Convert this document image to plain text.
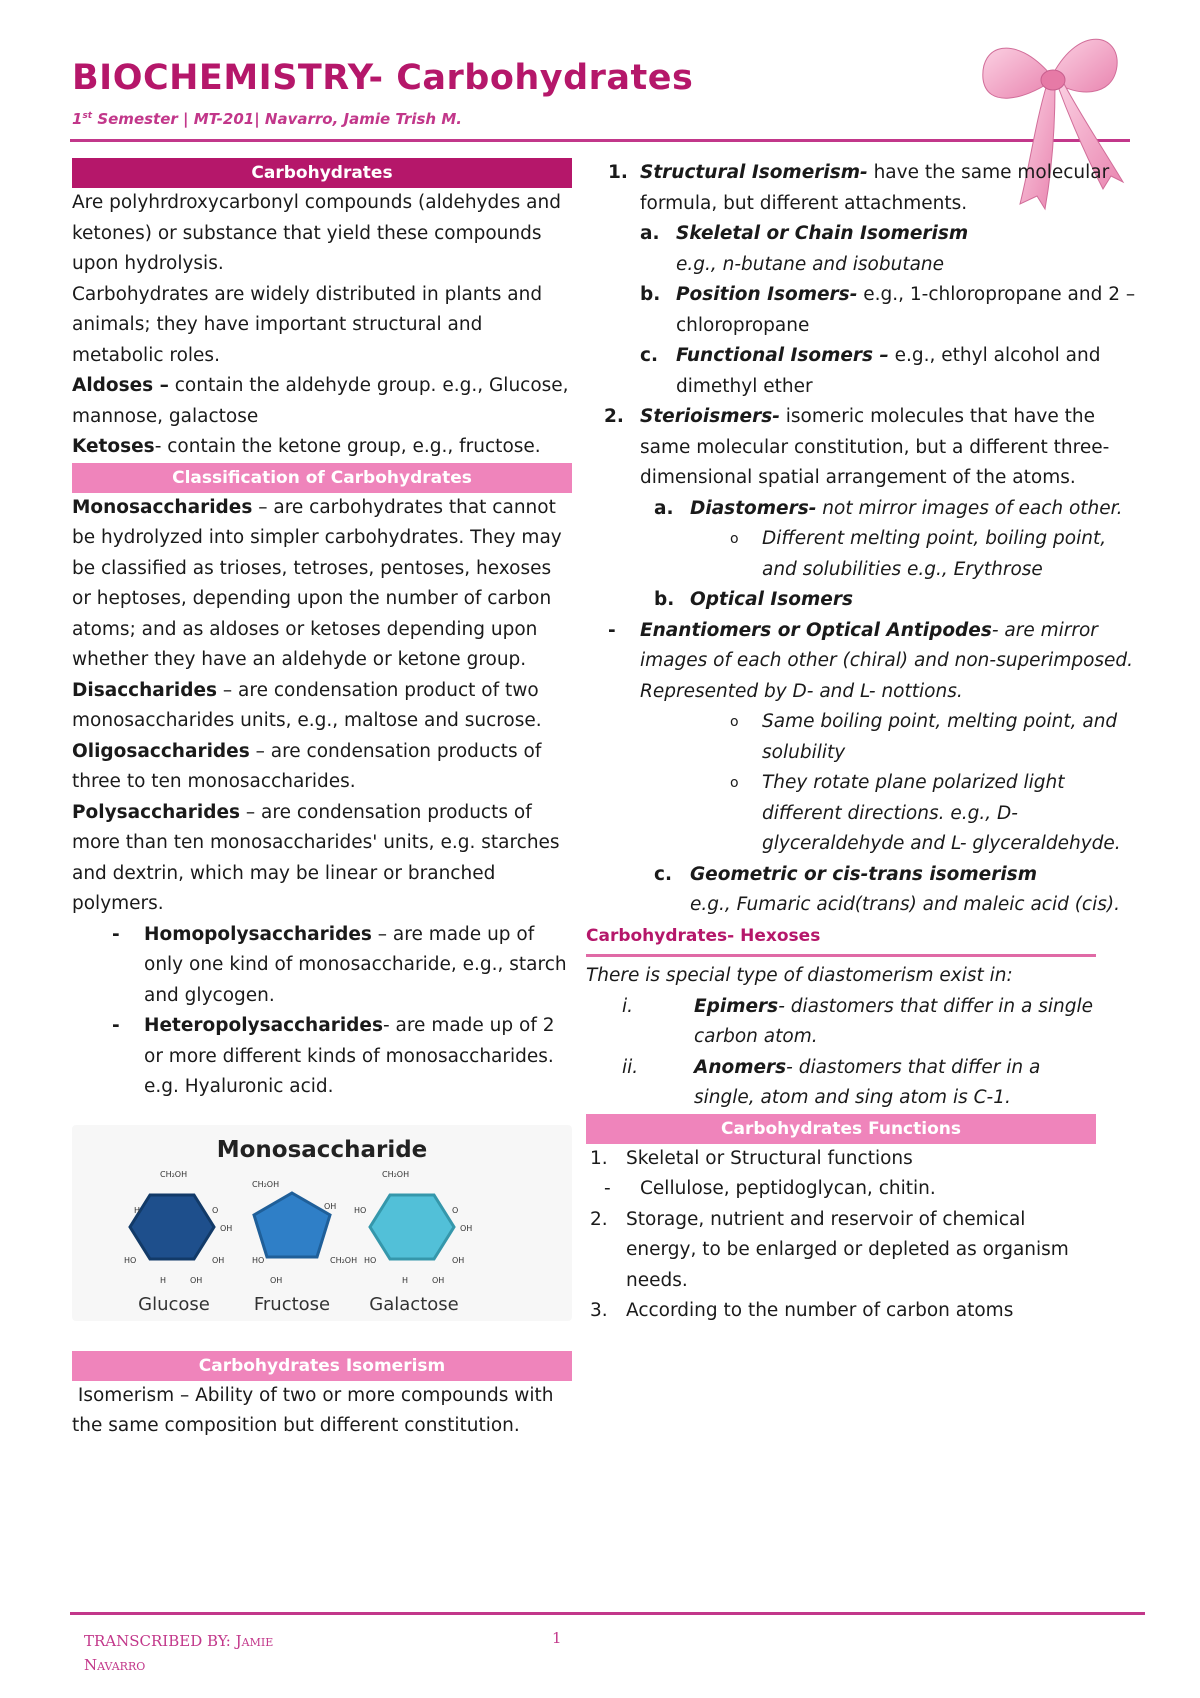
BIOCHEMISTRY- Carbohydrates
1st Semester | MT-201| Navarro, Jamie Trish M.
Carbohydrates

Are polyhrdroxycarbonyl compounds (aldehydes and ketones) or substance that yield these compounds upon hydrolysis.

Carbohydrates are widely distributed in plants and animals; they have important structural and metabolic roles.

Aldoses – contain the aldehyde group. e.g., Glucose, mannose, galactose

Ketoses- contain the ketone group, e.g., fructose.

Classification of Carbohydrates

Monosaccharides – are carbohydrates that cannot be hydrolyzed into simpler carbohydrates. They may be classified as trioses, tetroses, pentoses, hexoses or heptoses, depending upon the number of carbon atoms; and as aldoses or ketoses depending upon whether they have an aldehyde or ketone group.

Disaccharides – are condensation product of two monosaccharides units, e.g., maltose and sucrose.

Oligosaccharides – are condensation products of three to ten monosaccharides.

Polysaccharides – are condensation products of more than ten monosaccharides' units, e.g. starches and dextrin, which may be linear or branched polymers.

- Homopolysaccharides – are made up of only one kind of monosaccharide, e.g., starch and glycogen.
- Heteropolysaccharides- are made up of 2 or more different kinds of monosaccharides. e.g. Hyaluronic acid.
Monosaccharide
CH₂OH
CH₂OH
CH₂OH
H	O
OH
HO	OH
H	OH
OH
CH₂OH
HO
OH
HO	O
OH
HO	OH
H	OH
Glucose	Fructose	Galactose
Carbohydrates Isomerism

Isomerism – Ability of two or more compounds with the same composition but different constitution.

1. Structural Isomerism- have the same molecular formula, but different attachments.
a. Skeletal or Chain Isomerism
e.g., n-butane and isobutane
b. Position Isomers- e.g., 1-chloropropane and 2 – chloropropane
c. Functional Isomers – e.g., ethyl alcohol and dimethyl ether
2. Sterioismers- isomeric molecules that have the same molecular constitution, but a different three-dimensional spatial arrangement of the atoms.
a. Diastomers- not mirror images of each other.
o Different melting point, boiling point, and solubilities e.g., Erythrose
b. Optical Isomers
- Enantiomers or Optical Antipodes- are mirror images of each other (chiral) and non-superimposed. Represented by D- and L- nottions.
o Same boiling point, melting point, and solubility
o They rotate plane polarized light different directions. e.g., D- glyceraldehyde and L- glyceraldehyde.
c. Geometric or cis-trans isomerism
e.g., Fumaric acid(trans) and maleic acid (cis).
Carbohydrates- Hexoses

There is special type of diastomerism exist in:

i.	Epimers- diastomers that differ in a single carbon atom.
ii.	Anomers- diastomers that differ in a single, atom and sing atom is C-1.
Carbohydrates Functions
1. Skeletal or Structural functions
- Cellulose, peptidoglycan, chitin.
2. Storage, nutrient and reservoir of chemical energy, to be enlarged or depleted as organism needs.
3. According to the number of carbon atoms
TRANSCRIBED BY: Jamie
Navarro
1
